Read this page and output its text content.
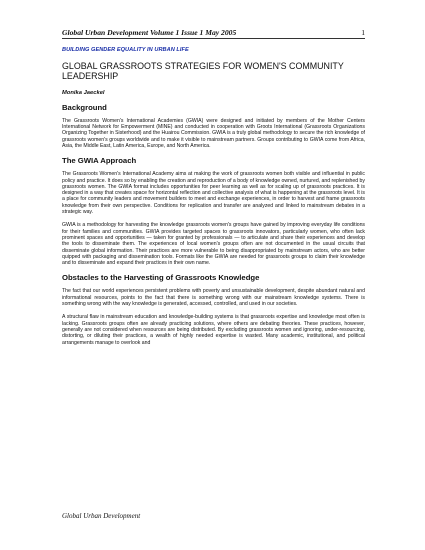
Global Urban Development Volume 1 Issue 1 May 2005	1
BUILDING GENDER EQUALITY IN URBAN LIFE
GLOBAL GRASSROOTS STRATEGIES FOR WOMEN'S COMMUNITY LEADERSHIP
Monika Jaeckel
Background

The Grassroots Women's International Academies (GWIA) were designed and initiated by members of the Mother Centers International Network for Empowerment (MINE) and conducted in cooperation with Groots International (Grassroots Organizations Organizing Together in Sisterhood) and the Huairou Commission. GWIA is a truly global methodology to secure the rich knowledge of grassroots women's groups worldwide and to make it visible to mainstream partners. Groups contributing to GWIA come from Africa, Asia, the Middle East, Latin America, Europe, and North America.

The GWIA Approach

The Grassroots Women's International Academy aims at making the work of grassroots women both visible and influential in public policy and practice. It does so by enabling the creation and reproduction of a body of knowledge owned, nurtured, and replenished by grassroots women. The GWIA format includes opportunities for peer learning as well as for scaling up of grassroots practices. It is designed in a way that creates space for horizontal reflection and collective analysis of what is happening at the grassroots level. It is a place for community leaders and movement builders to meet and exchange experiences, in order to harvest and frame grassroots knowledge from their own perspective. Conditions for replication and transfer are analyzed and linked to mainstream debates in a strategic way.

GWIA is a methodology for harvesting the knowledge grassroots women's groups have gained by improving everyday life conditions for their families and communities. GWIA provides targeted spaces to grassroots innovators, particularly women, who often lack prominent spaces and opportunities — taken for granted by professionals — to articulate and share their experiences and develop the tools to disseminate them. The experiences of local women's groups often are not documented in the usual circuits that disseminate global information. Their practices are more vulnerable to being disappropriated by mainstream actors, who are better quipped with packaging and dissemination tools. Formats like the GWIA are needed for grassroots groups to claim their knowledge and to disseminate and expand their practices in their own name.

Obstacles to the Harvesting of Grassroots Knowledge

The fact that our world experiences persistent problems with poverty and unsustainable development, despite abundant natural and informational resources, points to the fact that there is something wrong with our mainstream knowledge systems. There is something wrong with the way knowledge is generated, accessed, controlled, and used in our societies.

A structural flaw in mainstream education and knowledge-building systems is that grassroots expertise and knowledge most often is lacking. Grassroots groups often are already practicing solutions, where others are debating theories. These practices, however, generally are not considered when resources are being distributed. By excluding grassroots women and ignoring, under-resourcing, distorting, or diluting their practices, a wealth of highly needed expertise is wasted. Many academic, institutional, and political arrangements manage to overlook and

Global Urban Development
